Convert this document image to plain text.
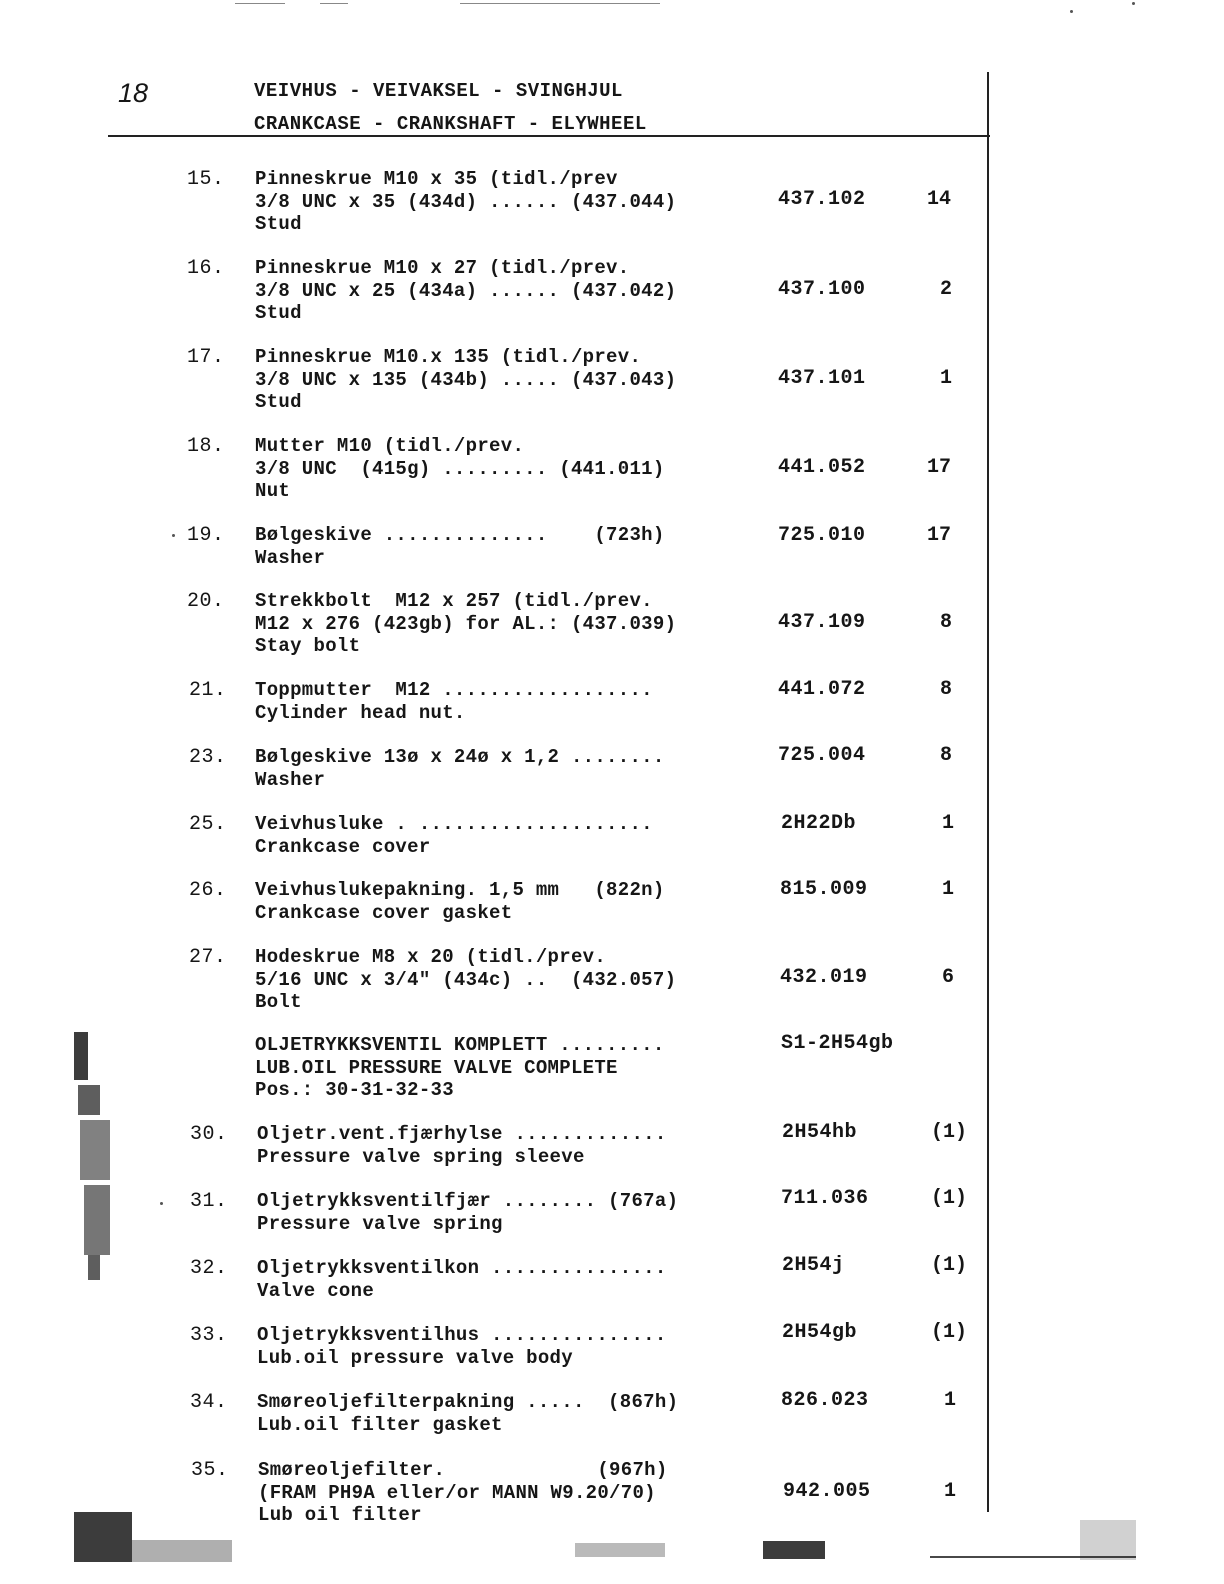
18	VEIVHUS - VEIVAKSEL - SVINGHJUL
CRANKCASE - CRANKSHAFT - ELYWHEEL
15. Pinneskrue M10 x 35 (tidl./prev
3/8 UNC x 35 (434d) ...... (437.044)
Stud
437.102	14
16. Pinneskrue M10 x 27 (tidl./prev.
3/8 UNC x 25 (434a) ...... (437.042)
Stud
437.100	2
17. Pinneskrue M10.x 135 (tidl./prev.
3/8 UNC x 135 (434b) ..... (437.043)
Stud
437.101	1
18. Mutter M10 (tidl./prev.
3/8 UNC  (415g) ......... (441.011)
Nut
441.052	17
19. Bølgeskive ..............    (723h)
Washer
725.010	17
20. Strekkbolt  M12 x 257 (tidl./prev.
M12 x 276 (423gb) for AL.: (437.039)
Stay bolt
437.109	8
21. Toppmutter  M12 ..................
Cylinder head nut.
441.072	8
23. Bølgeskive 13ø x 24ø x 1,2 ........
Washer
725.004	8
25. Veivhusluke . ....................
Crankcase cover
2H22Db	1
26. Veivhuslukepakning. 1,5 mm   (822n)
Crankcase cover gasket
815.009	1
27. Hodeskrue M8 x 20 (tidl./prev.
5/16 UNC x 3/4" (434c) ..  (432.057)
Bolt
432.019	6
OLJETRYKKSVENTIL KOMPLETT .........
LUB.OIL PRESSURE VALVE COMPLETE
Pos.: 30-31-32-33
S1-2H54gb
30. Oljetr.vent.fjærhylse .............
Pressure valve spring sleeve
2H54hb	(1)
31. Oljetrykksventilfjær ........ (767a)
Pressure valve spring
711.036	(1)
32. Oljetrykksventilkon ...............
Valve cone
2H54j	(1)
33. Oljetrykksventilhus ...............
Lub.oil pressure valve body
2H54gb	(1)
34. Smøreoljefilterpakning .....  (867h)
Lub.oil filter gasket
826.023	1
35. Smøreoljefilter.             (967h)
(FRAM PH9A eller/or MANN W9.20/70)
Lub oil filter
942.005	1
